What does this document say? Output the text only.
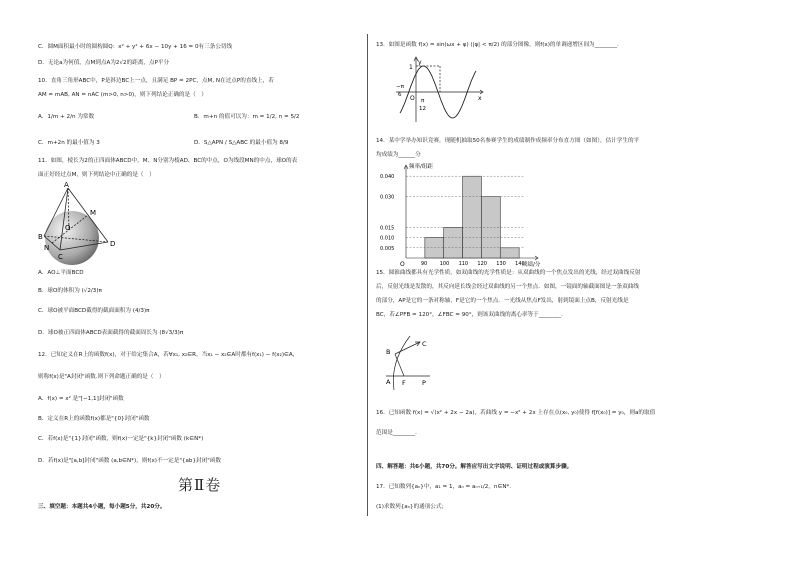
C．圆M面积最小时的圆构圆Q：x² + y² + 6x − 10y + 16 = 0有三条公切线
D．无论a为何值，点M到点A为2√2的距离，点P平分
10．直角三角形ABC中，P是斜边BC上一点，且满足 BP = 2PC，点M, N在过点P的直线上，若
AM = mAB, AN = nAC (m>0, n>0)，则下列结论正确的是（　）
A．1/m + 2/n 为常数	B．m+n 的值可以为：m = 1/2, n = 5/2
C．m+2n 的最小值为 3	D．S△APN / S△ABC 的最小值为 8/9
11．如图，棱长为2的正四面体ABCD中，M、N分别为棱AD、BC的中点，O为线段MN的中点，球O的表
面正好经过点M，则下列结论中正确的是（　）
A
B
C
D
M
N
O
A．AO⊥平面BCD
B．球O的体积为 (√2/3)π
C．球O被平面BCD截得的截面面积为 (4/3)π
D．球O被正四面体ABCD表面截得的截面周长为 (8√3/3)π
12．已知定义在R上的函数f(x)，对于给定集合A，若∀x₁, x₂∈R，当x₁ − x₂∈A时都有f(x₁) − f(x₂)∈A，
则称f(x)是"A封闭"函数.则下列命题正确的是（　）
A．f(x) = x² 是"[−1,1]封闭"函数
B．定义在R上的函数f(x)都是"{0}封闭"函数
C．若f(x)是"{1}封闭"函数，则f(x)一定是"{k}封闭"函数 (k∈N*)
D．若f(x)是"[a,b]封闭"函数 (a,b∈N*)，则f(x)不一定是"{ab}封闭"函数
第Ⅱ卷
三、填空题：本题共4小题，每小题5分，共20分。
13．如图是函数 f(x) = sin(ωx + φ) (|φ| < π/2) 的部分图像，则f(x)的单调递增区间为________.
y
x
1
O
−π
6
π
12
14．某中学举办知识竞赛，现随机抽取50名参赛学生的成绩制作成频率分布直方图（如图），估计学生的平
均成绩为______分
0.040
0.030
0.015
0.010
0.005
90 100 110 120 130 140
频率/组距
成绩/分
O
15．圆锥曲线都具有光学性质，如双曲线的光学性质是：从双曲线的一个焦点发出的光线，经过双曲线反射
后，反射光线是发散的，其反向延长线会经过双曲线的另一个焦点．如图，一镜面的轴截面图是一条双曲线
的部分，AP是它的一条对称轴，F是它的一个焦点．一光线从焦点F发出，射到镜面上点B，反射光线是
BC，若∠PFB = 120°，∠FBC = 90°，则该双曲线的离心率等于________.
B
C
A F	P
16．已知函数 f(x) = √(x² + 2x − 2a)，若曲线 y = −x² + 2x 上存在点(x₀, y₀)使得 f[f(x₀)] = y₀，则a的取值
范围是________.
四、解答题：共6小题，共70分。解答应写出文字说明、证明过程或演算步骤。
17．已知数列{aₙ}中，a₁ = 1，aₙ = aₙ₊₁/2，n∈N*.
(1)求数列{aₙ}的通项公式；
